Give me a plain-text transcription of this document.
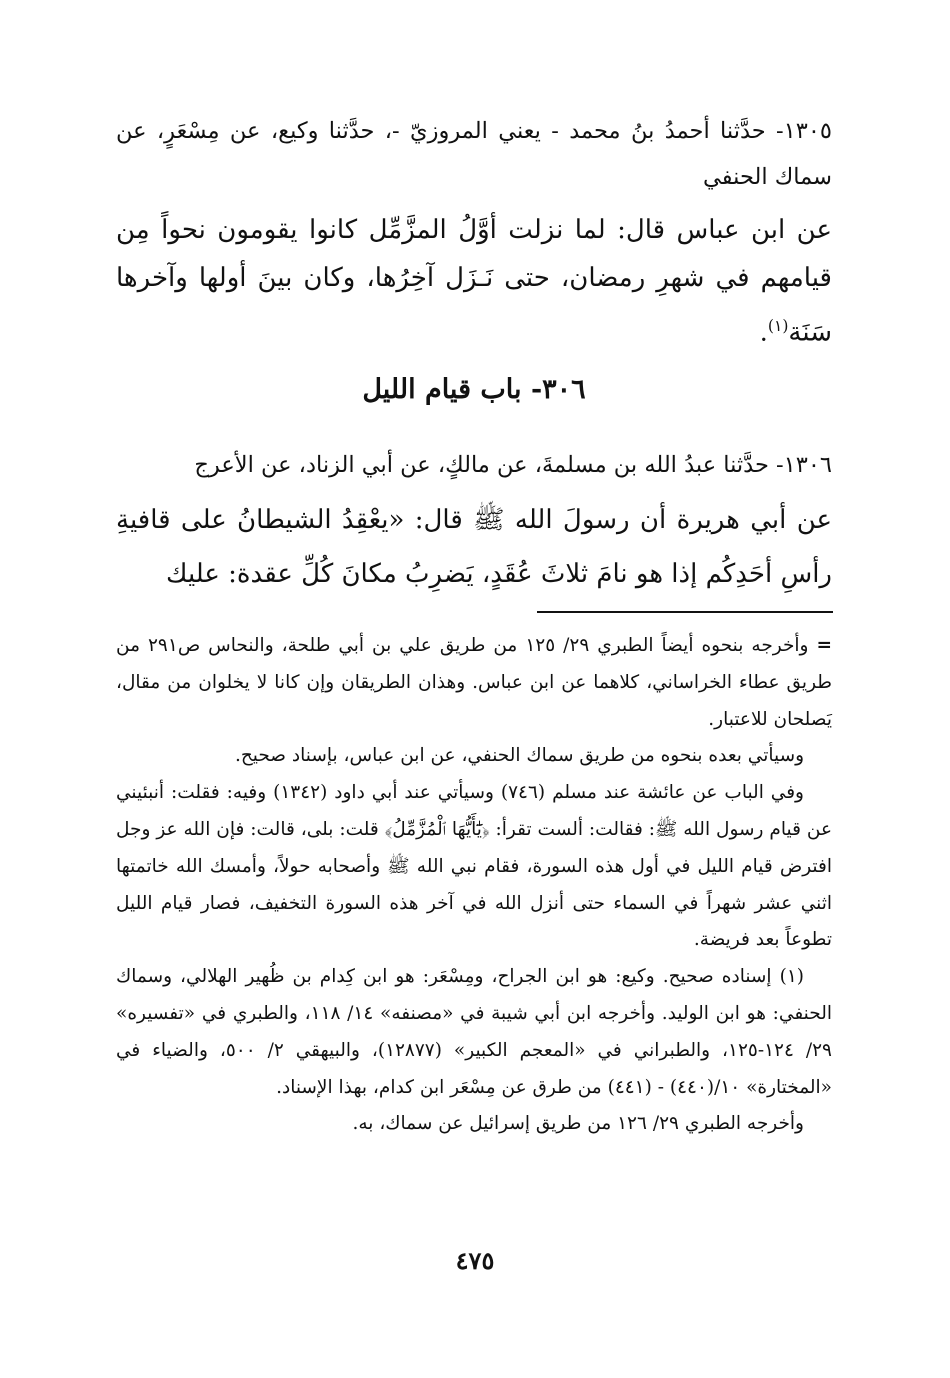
١٣٠٥- حدَّثنا أحمدُ بنُ محمد - يعني المروزيّ -، حدَّثنا وكيع، عن مِسْعَرٍ، عن سماك الحنفي
عن ابن عباس قال: لما نزلت أوَّلُ المزَّمِّل كانوا يقومون نحواً مِن قيامهم في شهرِ رمضان، حتى نَـزَل آخِرُها، وكان بينَ أولها وآخرها سَنَة$^{(١)}$.
٣٠٦- باب قيام الليل
١٣٠٦- حدَّثنا عبدُ الله بن مسلمةَ، عن مالكٍ، عن أبي الزناد، عن الأعرج
عن أبي هريرة أن رسولَ الله ﷺ قال: «يعْقِدُ الشيطانُ على قافيةِ رأسِ أحَدِكُم إذا هو نامَ ثلاثَ عُقَدٍ، يَضرِبُ مكانَ كُلِّ عقدة: عليك

=وأخرجه بنحوه أيضاً الطبري ٢٩/ ١٢٥ من طريق علي بن أبي طلحة، والنحاس ص٢٩١ من طريق عطاء الخراساني، كلاهما عن ابن عباس. وهذان الطريقان وإن كانا لا يخلوان من مقال، يَصلحان للاعتبار.

وسيأتي بعده بنحوه من طريق سماك الحنفي، عن ابن عباس، بإسناد صحيح.

وفي الباب عن عائشة عند مسلم (٧٤٦) وسيأتي عند أبي داود (١٣٤٢) وفيه: فقلت: أنبئيني عن قيام رسول الله ﷺ: فقالت: ألست تقرأ: ﴿يَٰٓأَيُّهَا ٱلْمُزَّمِّلُ﴾ قلت: بلى، قالت: فإن الله عز وجل افترض قيام الليل في أول هذه السورة، فقام نبي الله ﷺ وأصحابه حولاً، وأمسك الله خاتمتها اثني عشر شهراً في السماء حتى أنزل الله في آخر هذه السورة التخفيف، فصار قيام الليل تطوعاً بعد فريضة.

(١) إسناده صحيح. وكيع: هو ابن الجراح، ومِسْعَر: هو ابن كِدام بن ظُهير الهلالي، وسماك الحنفي: هو ابن الوليد. وأخرجه ابن أبي شيبة في «مصنفه» ١٤/ ١١٨، والطبري في «تفسيره» ٢٩/ ١٢٤-١٢٥، والطبراني في «المعجم الكبير» (١٢٨٧٧)، والبيهقي ٢/ ٥٠٠، والضياء في «المختارة» ١٠/(٤٤٠) - (٤٤١) من طرق عن مِسْعَر ابن كدام، بهذا الإسناد.

وأخرجه الطبري ٢٩/ ١٢٦ من طريق إسرائيل عن سماك، به.

٤٧٥
